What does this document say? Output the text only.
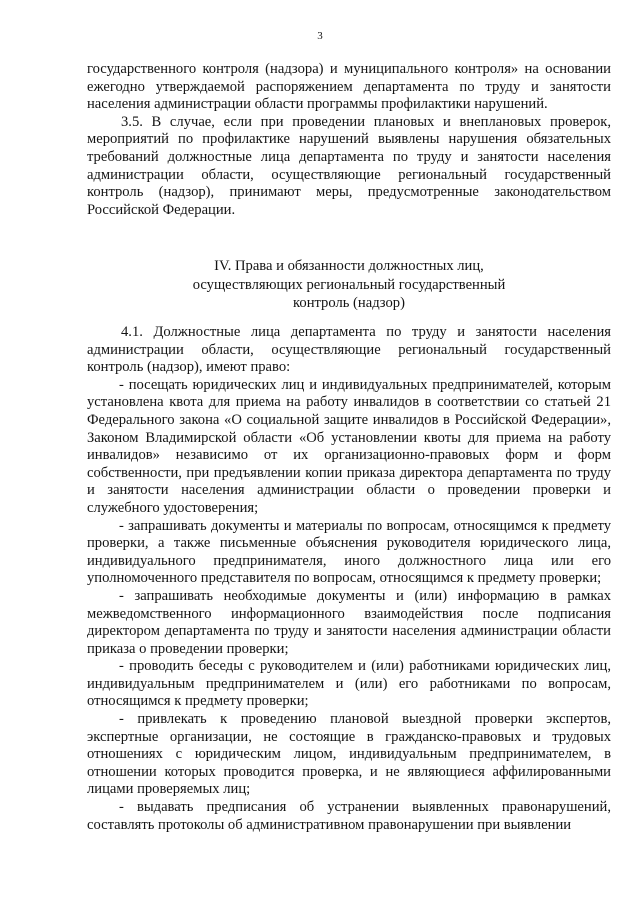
3

государственного контроля (надзора) и муниципального контроля» на основании ежегодно утверждаемой распоряжением департамента по труду и занятости населения администрации области программы профилактики нарушений.

3.5. В случае, если при проведении плановых и внеплановых проверок, мероприятий по профилактике нарушений выявлены нарушения обязательных требований должностные лица департамента по труду и занятости населения администрации области, осуществляющие региональный государственный контроль (надзор), принимают меры, предусмотренные законодательством Российской Федерации.

IV. Права и обязанности должностных лиц,
осуществляющих региональный государственный
контроль (надзор)

4.1. Должностные лица департамента по труду и занятости населения администрации области, осуществляющие региональный государственный контроль (надзор), имеют право:

- посещать юридических лиц и индивидуальных предпринимателей, которым установлена квота для приема на работу инвалидов в соответствии со статьей 21 Федерального закона «О социальной защите инвалидов в Российской Федерации», Законом Владимирской области «Об установлении квоты для приема на работу инвалидов» независимо от их организационно-правовых форм и форм собственности, при предъявлении копии приказа директора департамента по труду и занятости населения администрации области о проведении проверки и служебного удостоверения;

- запрашивать документы и материалы по вопросам, относящимся к предмету проверки, а также письменные объяснения руководителя юридического лица, индивидуального предпринимателя, иного должностного лица или его уполномоченного представителя по вопросам, относящимся к предмету проверки;

- запрашивать необходимые документы и (или) информацию в рамках межведомственного информационного взаимодействия после подписания директором департамента по труду и занятости населения администрации области приказа о проведении проверки;

- проводить беседы с руководителем и (или) работниками юридических лиц, индивидуальным предпринимателем и (или) его работниками по вопросам, относящимся к предмету проверки;

- привлекать к проведению плановой выездной проверки экспертов, экспертные организации, не состоящие в гражданско-правовых и трудовых отношениях с юридическим лицом, индивидуальным предпринимателем, в отношении которых проводится проверка, и не являющиеся аффилированными лицами проверяемых лиц;

- выдавать предписания об устранении выявленных правонарушений, составлять протоколы об административном правонарушении при выявлении
